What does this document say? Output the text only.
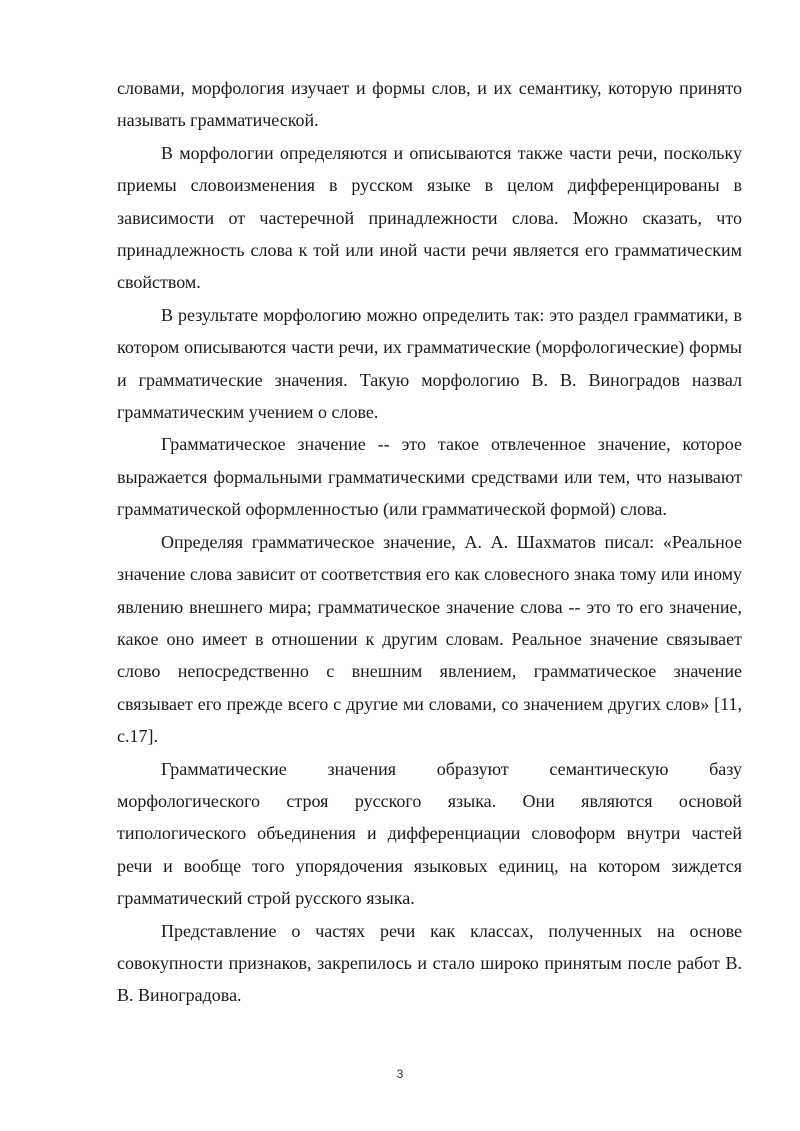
словами, морфология изучает и формы слов, и их семантику, которую принято называть грамматической.

В морфологии определяются и описываются также части речи, поскольку приемы словоизменения в русском языке в целом дифференцированы в зависимости от частеречной принадлежности слова. Можно сказать, что принадлежность слова к той или иной части речи является его грамматическим свойством.

В результате морфологию можно определить так: это раздел грамматики, в котором описываются части речи, их грамматические (морфологические) формы и грамматические значения. Такую морфологию В. В. Виноградов назвал грамматическим учением о слове.

Грамматическое значение -- это такое отвлеченное значение, которое выражается формальными грамматическими средствами или тем, что называют грамматической оформленностью (или грамматической формой) слова.

Определяя грамматическое значение, А. А. Шахматов писал: «Реальное значение слова зависит от соответствия его как словесного знака тому или иному явлению внешнего мира; грамматическое значение слова -- это то его значение, какое оно имеет в отношении к другим словам. Реальное значение связывает слово непосредственно с внешним явлением, грамматическое значение связывает его прежде всего с другие ми словами, со значением других слов» [11, с.17].

Грамматические значения образуют семантическую базу морфологического строя русского языка. Они являются основой типологического объединения и дифференциации словоформ внутри частей речи и вообще того упорядочения языковых единиц, на котором зиждется грамматический строй русского языка.

Представление о частях речи как классах, полученных на основе совокупности признаков, закрепилось и стало широко принятым после работ В. В. Виноградова.

3
